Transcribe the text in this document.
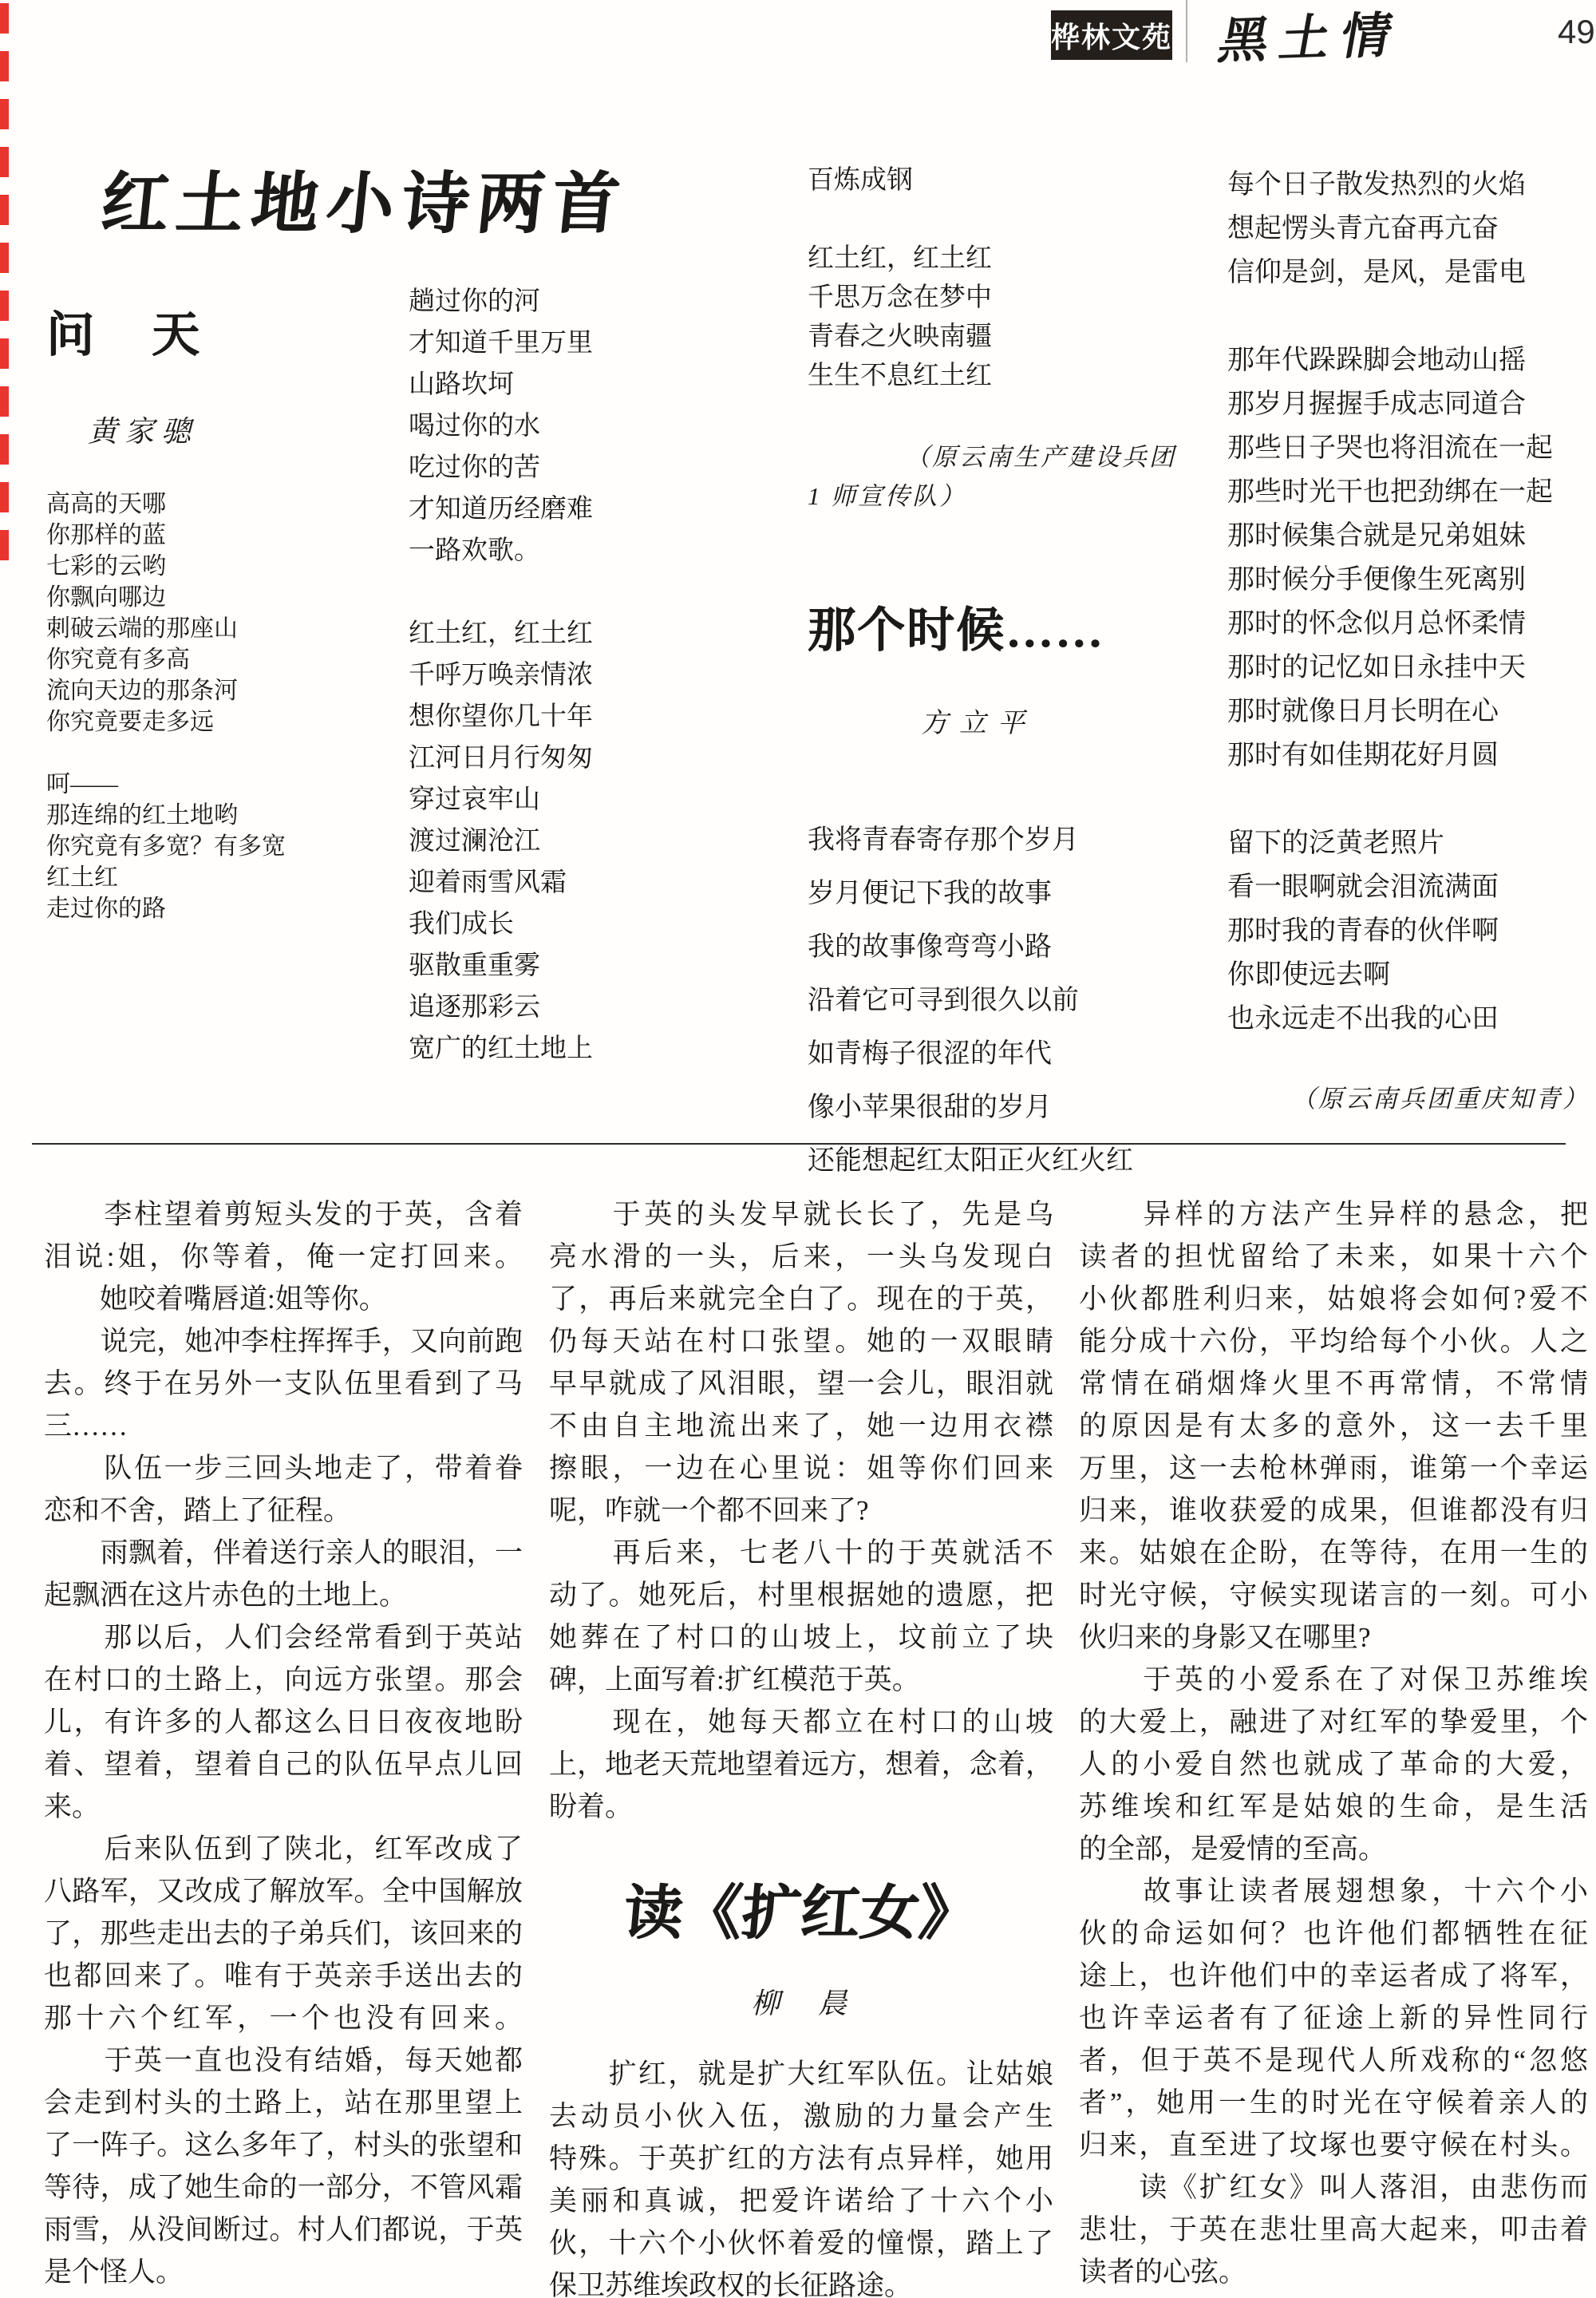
桦林文苑 黑土情	49
红土地小诗两首
问　天
黄家骢
高高的天哪
你那样的蓝
七彩的云哟
你飘向哪边
刺破云端的那座山
你究竟有多高
流向天边的那条河
你究竟要走多远

呵——
那连绵的红土地哟
你究竟有多宽？有多宽
红土红
走过你的路
趟过你的河
才知道千里万里
山路坎坷
喝过你的水
吃过你的苦
才知道历经磨难
一路欢歌。

红土红，红土红
千呼万唤亲情浓
想你望你几十年
江河日月行匆匆
穿过哀牢山
渡过澜沧江
迎着雨雪风霜
我们成长
驱散重重雾
追逐那彩云
宽广的红土地上
百炼成钢

红土红，红土红
千思万念在梦中
青春之火映南疆
生生不息红土红
（原云南生产建设兵团
1 师宣传队）
那个时候……
方立平
我将青春寄存那个岁月
岁月便记下我的故事
我的故事像弯弯小路
沿着它可寻到很久以前
如青梅子很涩的年代
像小苹果很甜的岁月
还能想起红太阳正火红火红
每个日子散发热烈的火焰
想起愣头青亢奋再亢奋
信仰是剑，是风，是雷电

那年代跺跺脚会地动山摇
那岁月握握手成志同道合
那些日子哭也将泪流在一起
那些时光干也把劲绑在一起
那时候集合就是兄弟姐妹
那时候分手便像生死离别
那时的怀念似月总怀柔情
那时的记忆如日永挂中天
那时就像日月长明在心
那时有如佳期花好月圆

留下的泛黄老照片
看一眼啊就会泪流满面
那时我的青春的伙伴啊
你即使远去啊
也永远走不出我的心田
（原云南兵团重庆知青）
　　李柱望着剪短头发的于英，含着
泪说:姐，你等着，俺一定打回来。
　　她咬着嘴唇道:姐等你。
　　说完，她冲李柱挥挥手，又向前跑
去。终于在另外一支队伍里看到了马
三……
　　队伍一步三回头地走了，带着眷
恋和不舍，踏上了征程。
　　雨飘着，伴着送行亲人的眼泪，一
起飘洒在这片赤色的土地上。
　　那以后，人们会经常看到于英站
在村口的土路上，向远方张望。那会
儿，有许多的人都这么日日夜夜地盼
着、望着，望着自己的队伍早点儿回
来。
　　后来队伍到了陕北，红军改成了
八路军，又改成了解放军。全中国解放
了，那些走出去的子弟兵们，该回来的
也都回来了。唯有于英亲手送出去的
那十六个红军，一个也没有回来。
　　于英一直也没有结婚，每天她都
会走到村头的土路上，站在那里望上
了一阵子。这么多年了，村头的张望和
等待，成了她生命的一部分，不管风霜
雨雪，从没间断过。村人们都说，于英
是个怪人。
　　于英的头发早就长长了，先是乌
亮水滑的一头，后来，一头乌发现白
了，再后来就完全白了。现在的于英，
仍每天站在村口张望。她的一双眼睛
早早就成了风泪眼，望一会儿，眼泪就
不由自主地流出来了，她一边用衣襟
擦眼，一边在心里说：姐等你们回来
呢，咋就一个都不回来了?
　　再后来，七老八十的于英就活不
动了。她死后，村里根据她的遗愿，把
她葬在了村口的山坡上，坟前立了块
碑，上面写着:扩红模范于英。
　　现在，她每天都立在村口的山坡
上，地老天荒地望着远方，想着，念着，
盼着。
读《扩红女》
柳　晨
　　扩红，就是扩大红军队伍。让姑娘
去动员小伙入伍，激励的力量会产生
特殊。于英扩红的方法有点异样，她用
美丽和真诚，把爱许诺给了十六个小
伙，十六个小伙怀着爱的憧憬，踏上了
保卫苏维埃政权的长征路途。
　　异样的方法产生异样的悬念，把
读者的担忧留给了未来，如果十六个
小伙都胜利归来，姑娘将会如何?爱不
能分成十六份，平均给每个小伙。人之
常情在硝烟烽火里不再常情，不常情
的原因是有太多的意外，这一去千里
万里，这一去枪林弹雨，谁第一个幸运
归来，谁收获爱的成果，但谁都没有归
来。姑娘在企盼，在等待，在用一生的
时光守候，守候实现诺言的一刻。可小
伙归来的身影又在哪里?
　　于英的小爱系在了对保卫苏维埃
的大爱上，融进了对红军的挚爱里，个
人的小爱自然也就成了革命的大爱，
苏维埃和红军是姑娘的生命，是生活
的全部，是爱情的至高。
　　故事让读者展翅想象，十六个小
伙的命运如何？也许他们都牺牲在征
途上，也许他们中的幸运者成了将军，
也许幸运者有了征途上新的异性同行
者，但于英不是现代人所戏称的“忽悠
者”，她用一生的时光在守候着亲人的
归来，直至进了坟塚也要守候在村头。
　　读《扩红女》叫人落泪，由悲伤而
悲壮，于英在悲壮里高大起来，叩击着
读者的心弦。
